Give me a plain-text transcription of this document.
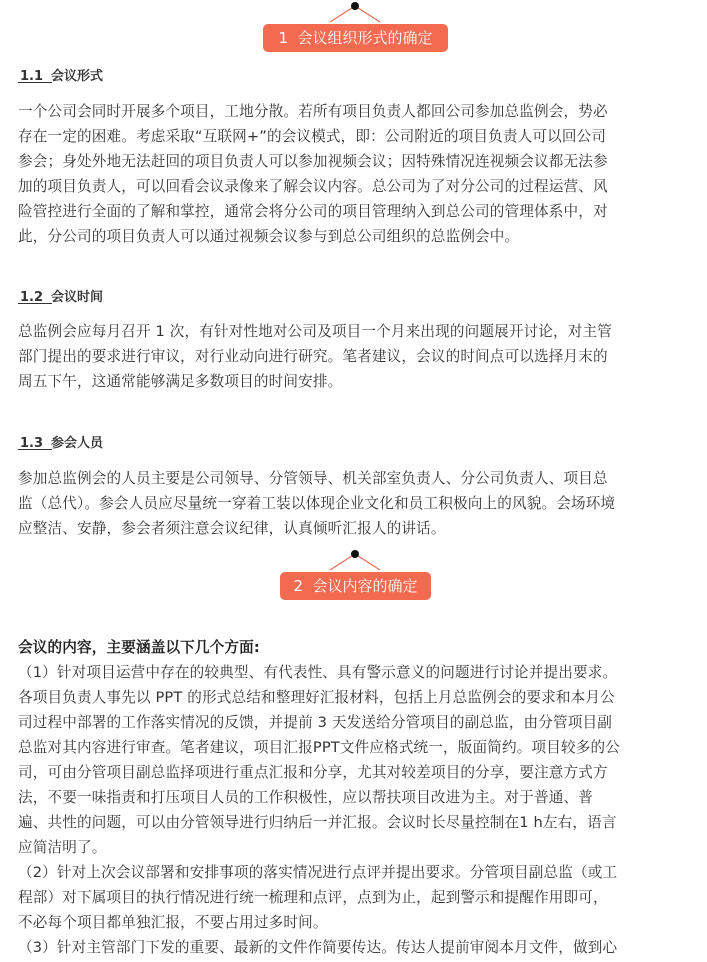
1 会议组织形式的确定
1.1 会议形式
一个公司会同时开展多个项目，工地分散。若所有项目负责人都回公司参加总监例会，势必
存在一定的困难。考虑采取“互联网+”的会议模式，即：公司附近的项目负责人可以回公司
参会；身处外地无法赶回的项目负责人可以参加视频会议；因特殊情况连视频会议都无法参
加的项目负责人，可以回看会议录像来了解会议内容。总公司为了对分公司的过程运营、风
险管控进行全面的了解和掌控，通常会将分公司的项目管理纳入到总公司的管理体系中，对
此，分公司的项目负责人可以通过视频会议参与到总公司组织的总监例会中。
1.2 会议时间
总监例会应每月召开 1 次，有针对性地对公司及项目一个月来出现的问题展开讨论，对主管
部门提出的要求进行审议，对行业动向进行研究。笔者建议，会议的时间点可以选择月末的
周五下午，这通常能够满足多数项目的时间安排。
1.3 参会人员
参加总监例会的人员主要是公司领导、分管领导、机关部室负责人、分公司负责人、项目总
监（总代）。参会人员应尽量统一穿着工装以体现企业文化和员工积极向上的风貌。会场环境
应整洁、安静，参会者须注意会议纪律，认真倾听汇报人的讲话。
2 会议内容的确定
会议的内容，主要涵盖以下几个方面:
（1）针对项目运营中存在的较典型、有代表性、具有警示意义的问题进行讨论并提出要求。
各项目负责人事先以 PPT 的形式总结和整理好汇报材料，包括上月总监例会的要求和本月公
司过程中部署的工作落实情况的反馈，并提前 3 天发送给分管项目的副总监，由分管项目副
总监对其内容进行审查。笔者建议，项目汇报PPT文件应格式统一，版面简约。项目较多的公
司，可由分管项目副总监择项进行重点汇报和分享，尤其对较差项目的分享，要注意方式方
法，不要一味指责和打压项目人员的工作积极性，应以帮扶项目改进为主。对于普通、普
遍、共性的问题，可以由分管领导进行归纳后一并汇报。会议时长尽量控制在1 h左右，语言
应简洁明了。
（2）针对上次会议部署和安排事项的落实情况进行点评并提出要求。分管项目副总监（或工
程部）对下属项目的执行情况进行统一梳理和点评，点到为止，起到警示和提醒作用即可，
不必每个项目都单独汇报，不要占用过多时间。
（3）针对主管部门下发的重要、最新的文件作简要传达。传达人提前审阅本月文件，做到心
